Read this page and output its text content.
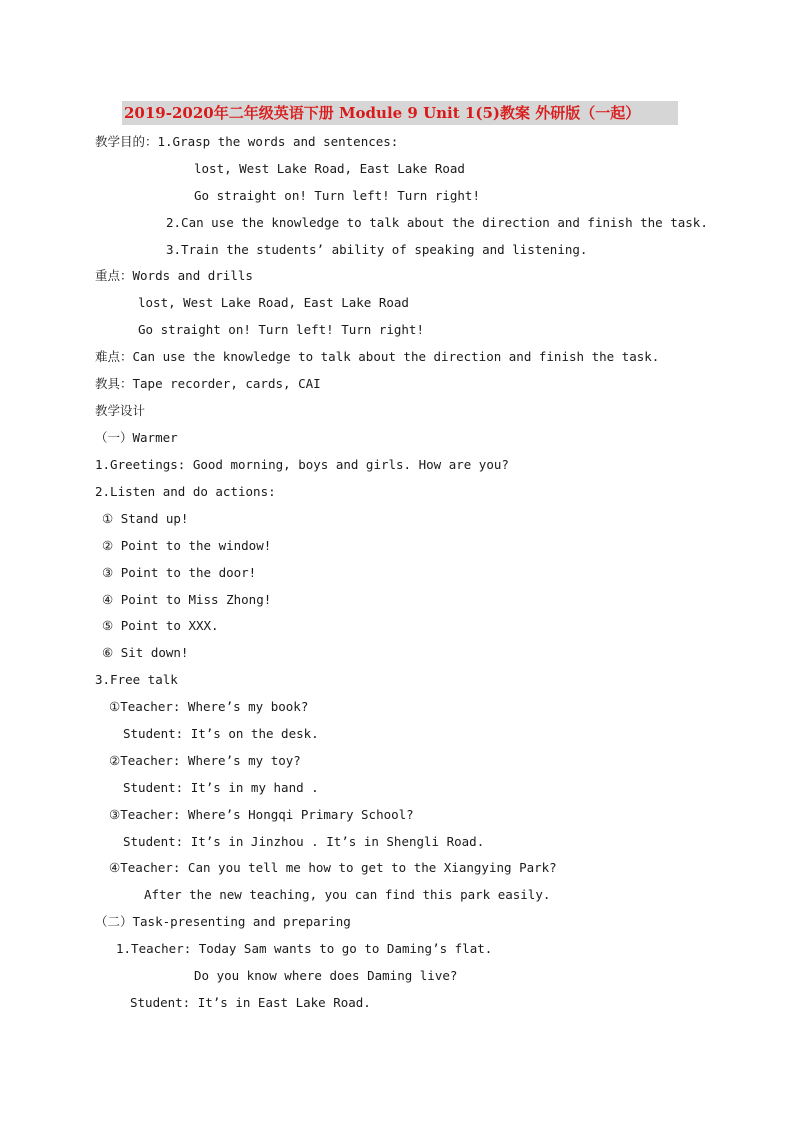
2019-2020年二年级英语下册 Module 9 Unit 1(5)教案 外研版（一起）
教学目的：1.Grasp the words and sentences:
lost, West Lake Road, East Lake Road
Go straight on! Turn left! Turn right!
2.Can use the knowledge to talk about the direction and finish the task.
3.Train the students’ ability of speaking and listening.
重点：Words and drills
lost, West Lake Road, East Lake Road
Go straight on! Turn left! Turn right!
难点：Can use the knowledge to talk about the direction and finish the task.
教具：Tape recorder, cards, CAI
教学设计
（一）Warmer
1.Greetings: Good morning, boys and girls. How are you?
2.Listen and do actions:
① Stand up!
② Point to the window!
③ Point to the door!
④ Point to Miss Zhong!
⑤ Point to XXX.
⑥ Sit down!
3.Free talk
①Teacher: Where’s my book?
Student: It’s on the desk.
②Teacher: Where’s my toy?
Student: It’s in my hand .
③Teacher: Where’s Hongqi Primary School?
Student: It’s in Jinzhou . It’s in Shengli Road.
④Teacher: Can you tell me how to get to the Xiangying Park?
After the new teaching, you can find this park easily.
（二）Task-presenting and preparing
1.Teacher: Today Sam wants to go to Daming’s flat.
Do you know where does Daming live?
Student: It’s in East Lake Road.
